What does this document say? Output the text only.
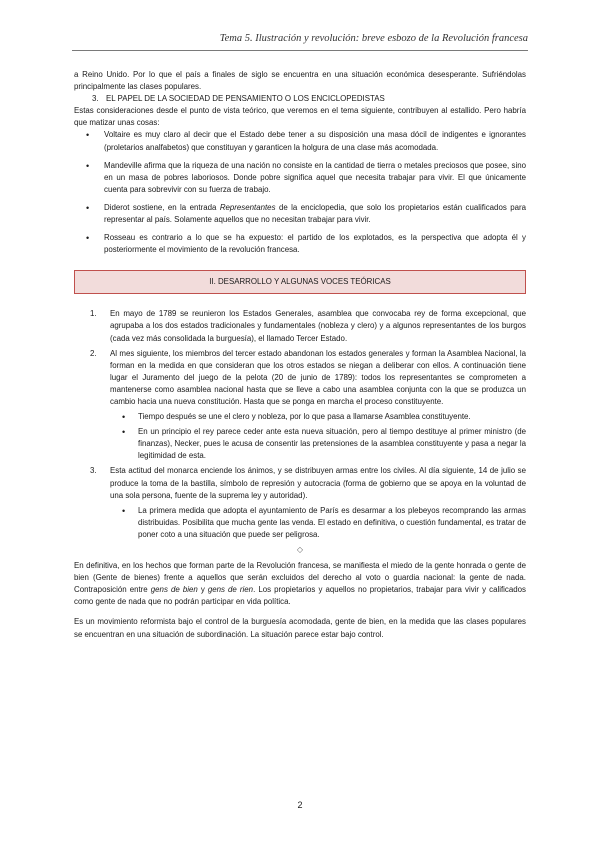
Tema 5. Ilustración y revolución: breve esbozo de la Revolución francesa

a Reino Unido. Por lo que el país a finales de siglo se encuentra en una situación económica desesperante. Sufriéndolas principalmente las clases populares.

3. EL PAPEL DE LA SOCIEDAD DE PENSAMIENTO O LOS ENCICLOPEDISTAS

Estas consideraciones desde el punto de vista teórico, que veremos en el tema siguiente, contribuyen al estallido. Pero habría que matizar unas cosas:

• Voltaire es muy claro al decir que el Estado debe tener a su disposición una masa dócil de indigentes e ignorantes (proletarios analfabetos) que constituyan y garanticen la holgura de una clase más acomodada.
• Mandeville afirma que la riqueza de una nación no consiste en la cantidad de tierra o metales preciosos que posee, sino en un masa de pobres laboriosos. Donde pobre significa aquel que necesita trabajar para vivir. El que únicamente cuenta para sobrevivir con su fuerza de trabajo.
• Diderot sostiene, en la entrada Representantes de la enciclopedia, que solo los propietarios están cualificados para representar al país. Solamente aquellos que no necesitan trabajar para vivir.
• Rosseau es contrario a lo que se ha expuesto: el partido de los explotados, es la perspectiva que adopta él y posteriormente el movimiento de la revolución francesa.
II. DESARROLLO Y ALGUNAS VOCES TEÓRICAS
1. En mayo de 1789 se reunieron los Estados Generales, asamblea que convocaba rey de forma excepcional, que agrupaba a los dos estados tradicionales y fundamentales (nobleza y clero) y a algunos representantes de los burgos (cada vez más consolidada la burguesía), el llamado Tercer Estado.
2. Al mes siguiente, los miembros del tercer estado abandonan los estados generales y forman la Asamblea Nacional, la forman en la medida en que consideran que los otros estados se niegan a deliberar con ellos. A continuación tiene lugar el Juramento del juego de la pelota (20 de junio de 1789): todos los representantes se comprometen a mantenerse como asamblea nacional hasta que se lleve a cabo una asamblea conjunta con la que se produzca un cambio hacia una nueva constitución. Hasta que se ponga en marcha el proceso constituyente.
• Tiempo después se une el clero y nobleza, por lo que pasa a llamarse Asamblea constituyente.
• En un principio el rey parece ceder ante esta nueva situación, pero al tiempo destituye al primer ministro (de finanzas), Necker, pues le acusa de consentir las pretensiones de la asamblea constituyente y pasa a negar la legitimidad de esta.
3. Esta actitud del monarca enciende los ánimos, y se distribuyen armas entre los civiles. Al día siguiente, 14 de julio se produce la toma de la bastilla, símbolo de represión y autocracia (forma de gobierno que se apoya en la voluntad de una sola persona, fuente de la suprema ley y autoridad).
• La primera medida que adopta el ayuntamiento de París es desarmar a los plebeyos recomprando las armas distribuidas. Posibilita que mucha gente las venda. El estado en definitiva, o cuestión fundamental, es tratar de poner coto a una situación que puede ser peligrosa.
◇

En definitiva, en los hechos que forman parte de la Revolución francesa, se manifiesta el miedo de la gente honrada o gente de bien (Gente de bienes) frente a aquellos que serán excluidos del derecho al voto o guardia nacional: la gente de nada. Contraposición entre gens de bien y gens de rien. Los propietarios y aquellos no propietarios, trabajar para vivir y calificados como gente de nada que no podrán participar en vida política.

Es un movimiento reformista bajo el control de la burguesía acomodada, gente de bien, en la medida que las clases populares se encuentran en una situación de subordinación. La situación parece estar bajo control.

2
